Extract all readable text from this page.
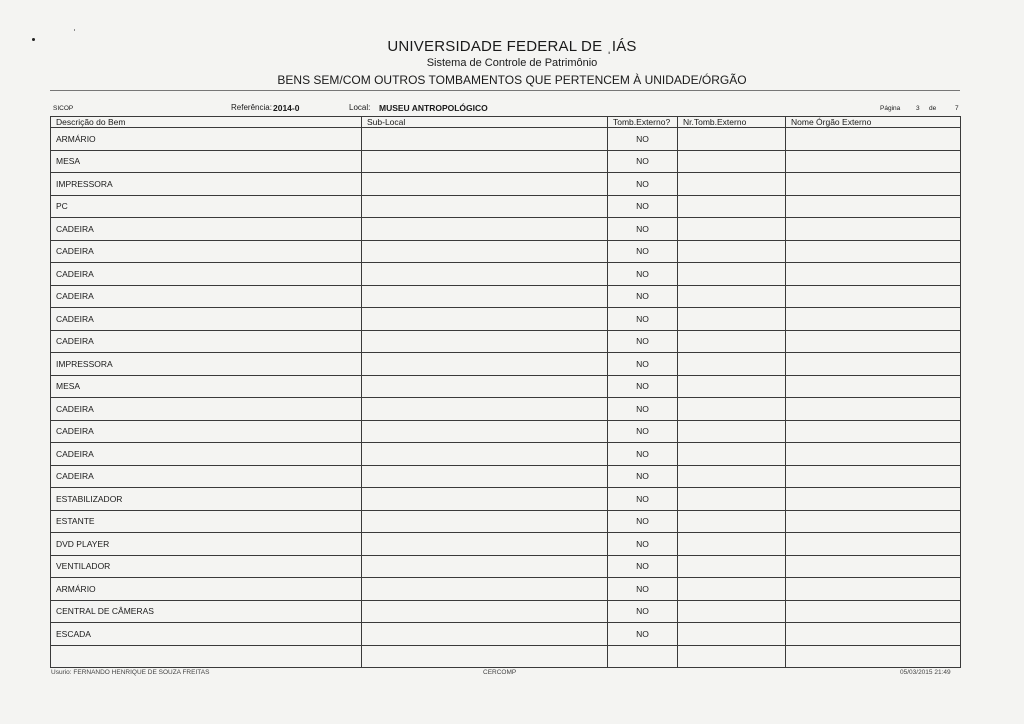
UNIVERSIDADE FEDERAL DE ˌIÁS
Sistema de Controle de Patrimônio
BENS SEM/COM OUTROS TOMBAMENTOS QUE PERTENCEM À UNIDADE/ÓRGÃO
SICOP	Referência: 2014-0	Local: MUSEU ANTROPOLÓGICO	Página 3 de	7
Descrição do Bem	Sub-Local	Tomb.Externo?	Nr.Tomb.Externo	Nome Órgão Externo
ARMÁRIO		NO		
MESA		NO		
IMPRESSORA		NO		
PC		NO		
CADEIRA		NO		
CADEIRA		NO		
CADEIRA		NO		
CADEIRA		NO		
CADEIRA		NO		
CADEIRA		NO		
IMPRESSORA		NO		
MESA		NO		
CADEIRA		NO		
CADEIRA		NO		
CADEIRA		NO		
CADEIRA		NO		
ESTABILIZADOR		NO		
ESTANTE		NO		
DVD PLAYER		NO		
VENTILADOR		NO		
ARMÁRIO		NO		
CENTRAL DE CÂMERAS		NO		
ESCADA		NO		

Usurio: FERNANDO HENRIQUE DE SOUZA FREITAS	CERCOMP	05/03/2015 21:49
